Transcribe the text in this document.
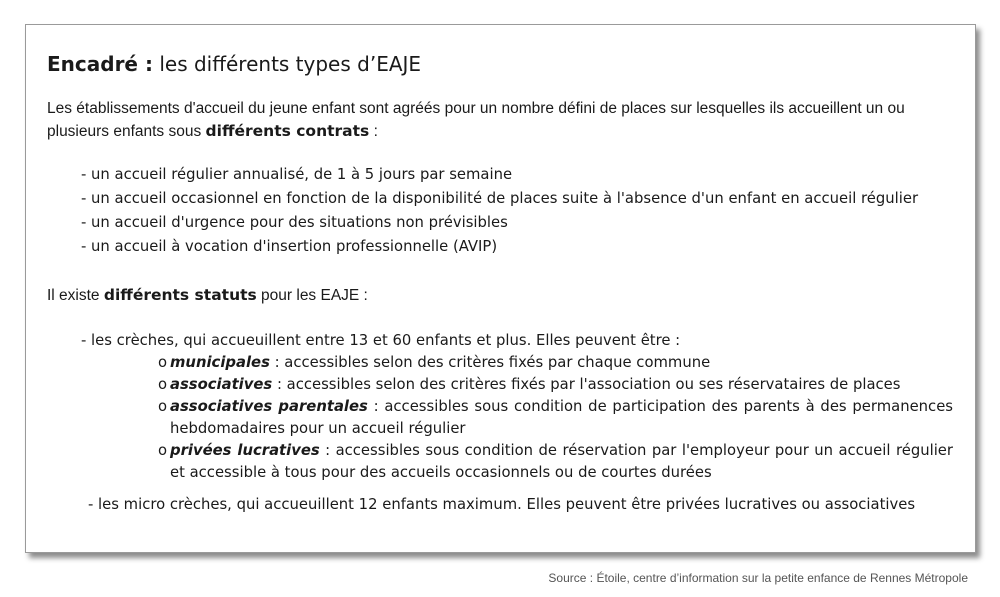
Encadré : les différents types d’EAJE
Les établissements d'accueil du jeune enfant sont agréés pour un nombre défini de places sur lesquelles ils accueillent un ou plusieurs enfants sous différents contrats :
- un accueil régulier annualisé, de 1 à 5 jours par semaine
- un accueil occasionnel en fonction de la disponibilité de places suite à l'absence d'un enfant en accueil régulier
- un accueil d'urgence pour des situations non prévisibles
- un accueil à vocation d'insertion professionnelle (AVIP)
Il existe différents statuts pour les EAJE :
- les crèches, qui accueuillent entre 13 et 60 enfants et plus. Elles peuvent être :
o municipales : accessibles selon des critères fixés par chaque commune
o associatives : accessibles selon des critères fixés par l'association ou ses réservataires de places
o associatives parentales : accessibles sous condition de participation des parents à des permanences hebdomadaires pour un accueil régulier
o privées lucratives : accessibles sous condition de réservation par l'employeur pour un accueil régulier et accessible à tous pour des accueils occasionnels ou de courtes durées
- les micro crèches, qui accueuillent 12 enfants maximum. Elles peuvent être privées lucratives ou associatives
Source : Étoile, centre d’information sur la petite enfance de Rennes Métropole
